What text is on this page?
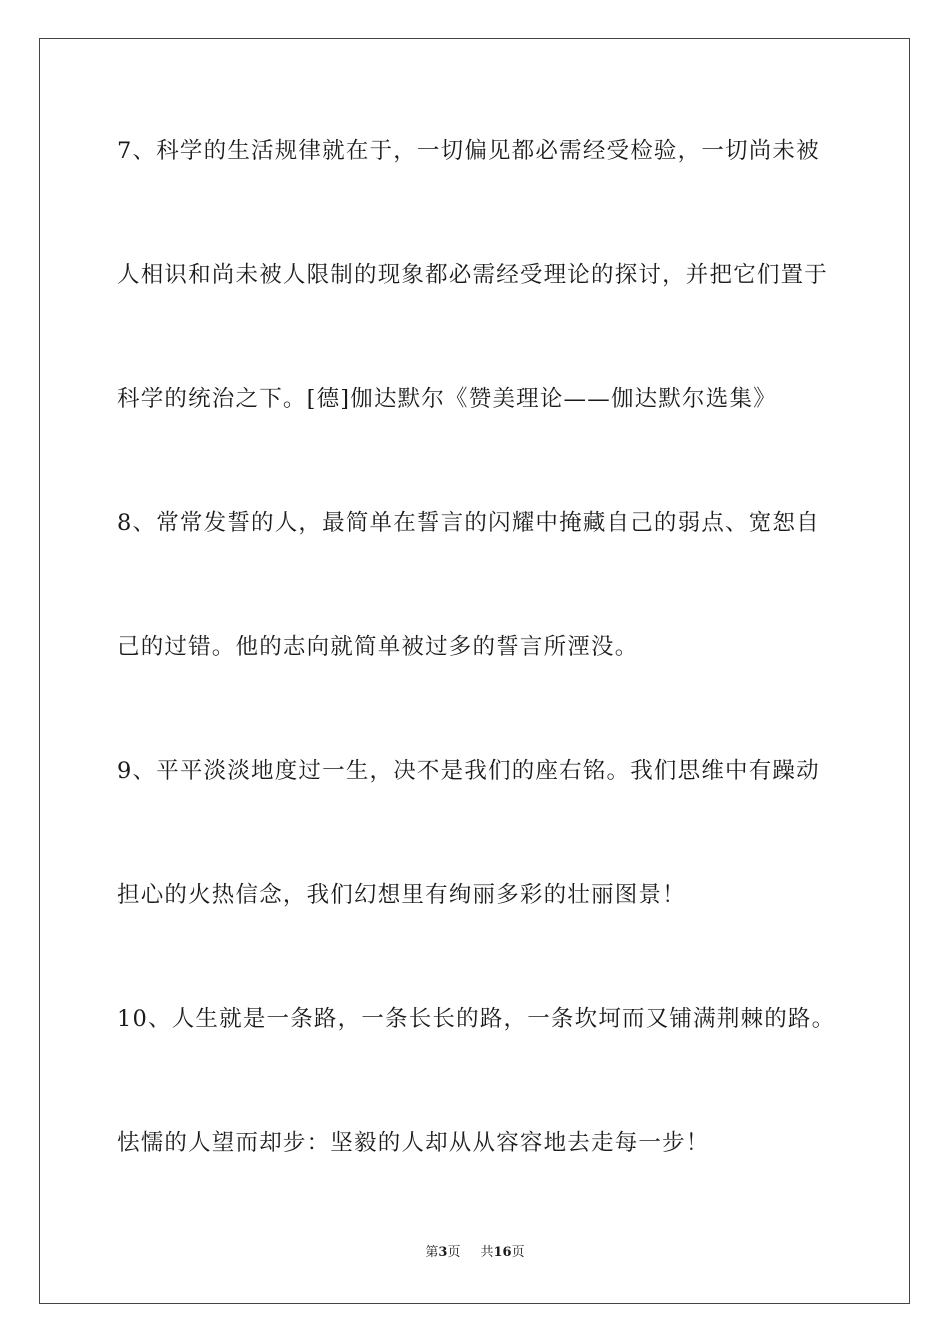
7、科学的生活规律就在于，一切偏见都必需经受检验，一切尚未被
人相识和尚未被人限制的现象都必需经受理论的探讨，并把它们置于
科学的统治之下。[德]伽达默尔《赞美理论——伽达默尔选集》
8、常常发誓的人，最简单在誓言的闪耀中掩藏自己的弱点、宽恕自
己的过错。他的志向就简单被过多的誓言所湮没。
9、平平淡淡地度过一生，决不是我们的座右铭。我们思维中有躁动
担心的火热信念，我们幻想里有绚丽多彩的壮丽图景！
10、人生就是一条路，一条长长的路，一条坎坷而又铺满荆棘的路。
怯懦的人望而却步：坚毅的人却从从容容地去走每一步！
第3页 共16页
